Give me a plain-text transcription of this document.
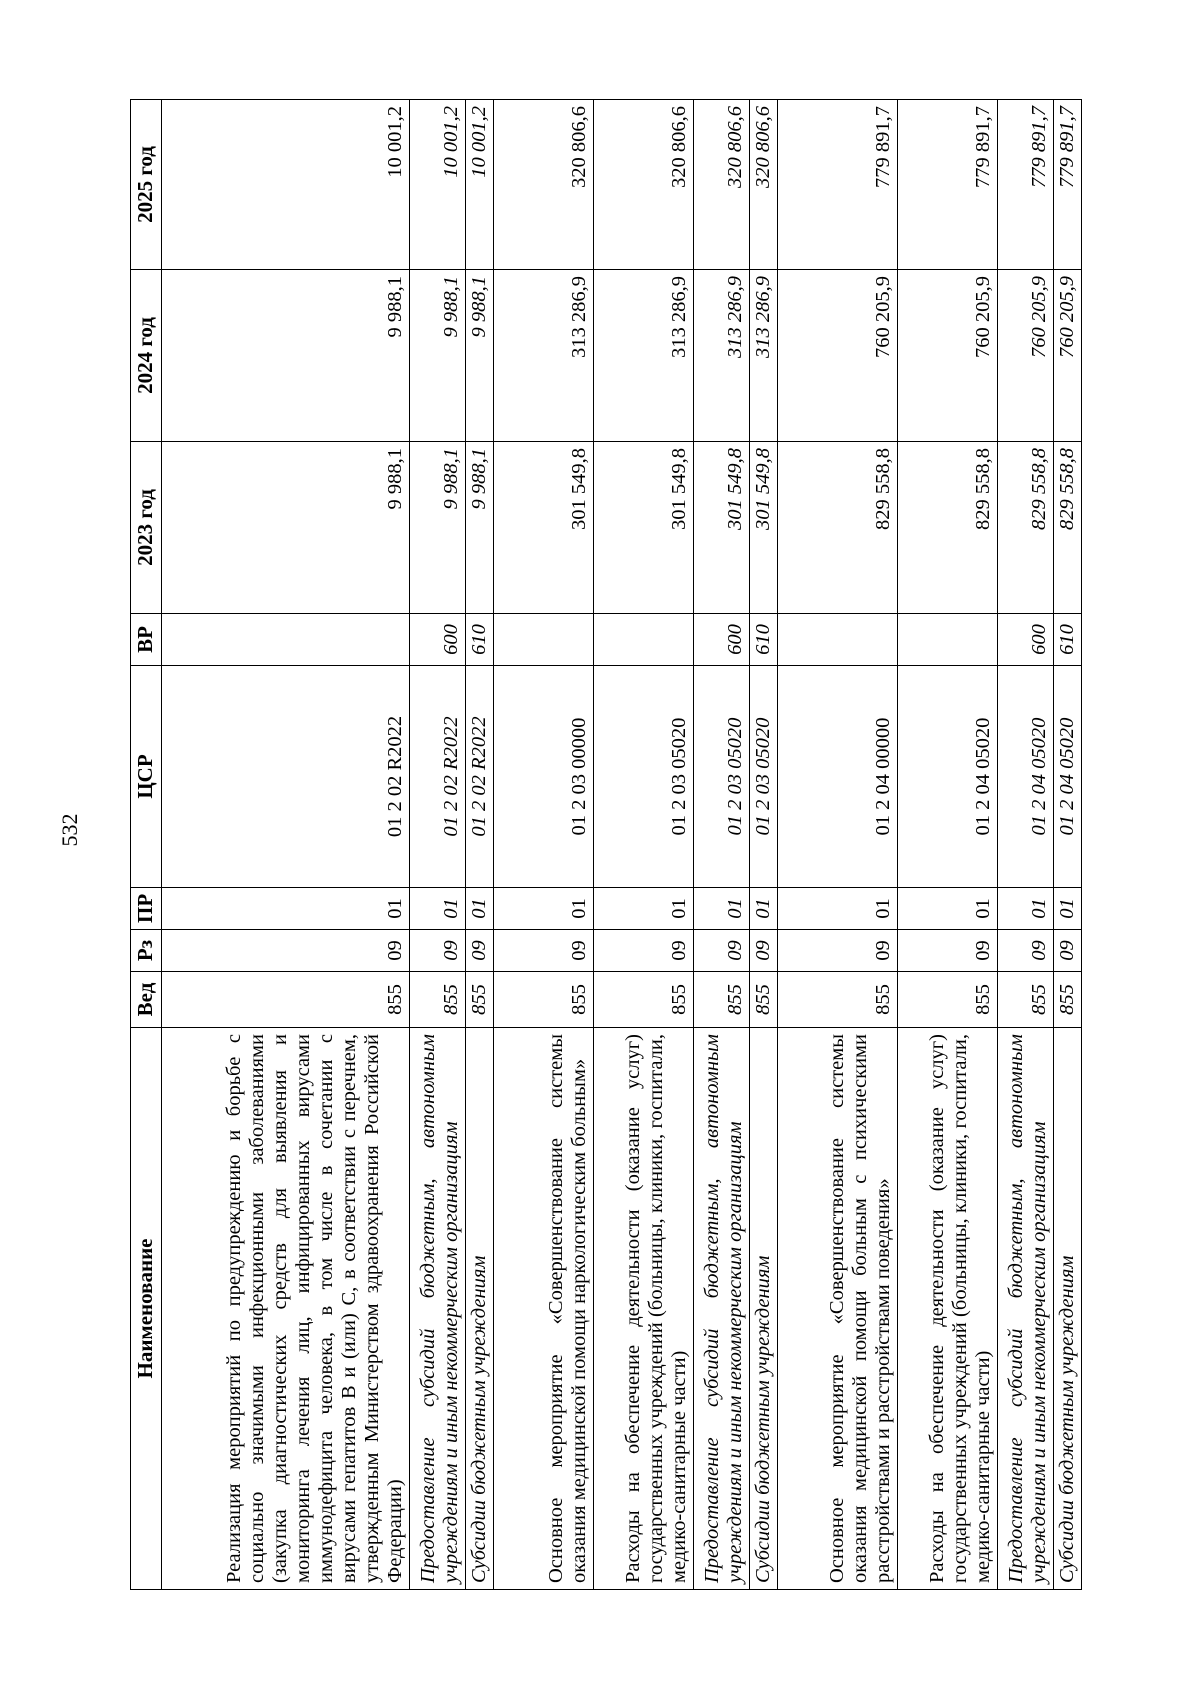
532
Наименование	Вед	Рз	ПР	ЦСР	ВР	2023 год	2024 год	2025 год
Реализация мероприятий по предупреждению и борьбе с социально значимыми инфекционными заболеваниями (закупка диагностических средств для выявления и мониторинга лечения лиц, инфицированных вирусами иммунодефицита человека, в том числе в сочетании с вирусами гепатитов В и (или) С, в соответствии с перечнем, утвержденным Министерством здравоохранения Российской Федерации)	855	09	01	01 2 02 R2022		9 988,1	9 988,1	10 001,2
Предоставление субсидий бюджетным, автономным учреждениям и иным некоммерческим организациям	855	09	01	01 2 02 R2022	600	9 988,1	9 988,1	10 001,2
Субсидии бюджетным учреждениям	855	09	01	01 2 02 R2022	610	9 988,1	9 988,1	10 001,2
Основное мероприятие «Совершенствование системы оказания медицинской помощи наркологическим больным»	855	09	01	01 2 03 00000		301 549,8	313 286,9	320 806,6
Расходы на обеспечение деятельности (оказание услуг) государственных учреждений (больницы, клиники, госпитали, медико-санитарные части)	855	09	01	01 2 03 05020		301 549,8	313 286,9	320 806,6
Предоставление субсидий бюджетным, автономным учреждениям и иным некоммерческим организациям	855	09	01	01 2 03 05020	600	301 549,8	313 286,9	320 806,6
Субсидии бюджетным учреждениям	855	09	01	01 2 03 05020	610	301 549,8	313 286,9	320 806,6
Основное мероприятие «Совершенствование системы оказания медицинской помощи больным с психическими расстройствами и расстройствами поведения»	855	09	01	01 2 04 00000		829 558,8	760 205,9	779 891,7
Расходы на обеспечение деятельности (оказание услуг) государственных учреждений (больницы, клиники, госпитали, медико-санитарные части)	855	09	01	01 2 04 05020		829 558,8	760 205,9	779 891,7
Предоставление субсидий бюджетным, автономным учреждениям и иным некоммерческим организациям	855	09	01	01 2 04 05020	600	829 558,8	760 205,9	779 891,7
Субсидии бюджетным учреждениям	855	09	01	01 2 04 05020	610	829 558,8	760 205,9	779 891,7
